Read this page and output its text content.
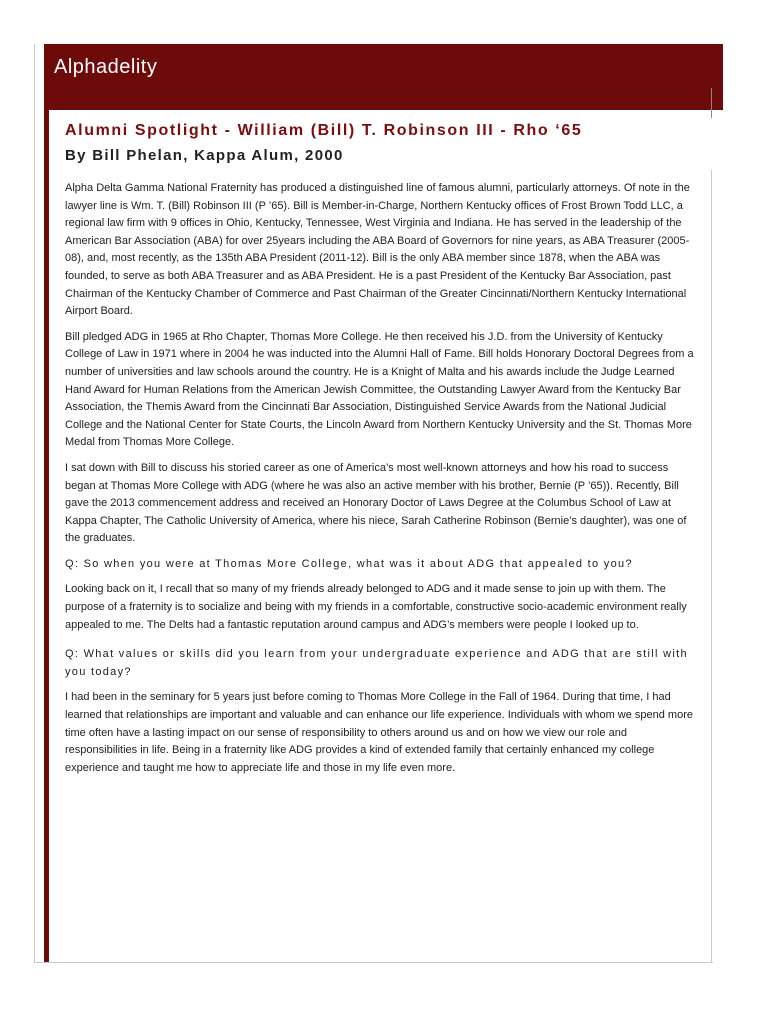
Alphadelity
Alumni Spotlight - William (Bill) T. Robinson III - Rho ‘65
By Bill Phelan, Kappa Alum, 2000

Alpha Delta Gamma National Fraternity has produced a distinguished line of famous alumni, particularly attorneys. Of note in the lawyer line is Wm. T. (Bill) Robinson III (P ’65). Bill is Member-in-Charge, Northern Kentucky offices of Frost Brown Todd LLC, a regional law firm with 9 offices in Ohio, Kentucky, Tennessee, West Virginia and Indiana. He has served in the leadership of the American Bar Association (ABA) for over 25years including the ABA Board of Governors for nine years, as ABA Treasurer (2005-08), and, most recently, as the 135th ABA President (2011-12). Bill is the only ABA member since 1878, when the ABA was founded, to serve as both ABA Treasurer and as ABA President. He is a past President of the Kentucky Bar Association, past Chairman of the Kentucky Chamber of Commerce and Past Chairman of the Greater Cincinnati/Northern Kentucky International Airport Board.

Bill pledged ADG in 1965 at Rho Chapter, Thomas More College. He then received his J.D. from the University of Kentucky College of Law in 1971 where in 2004 he was inducted into the Alumni Hall of Fame. Bill holds Honorary Doctoral Degrees from a number of universities and law schools around the country. He is a Knight of Malta and his awards include the Judge Learned Hand Award for Human Relations from the American Jewish Committee, the Outstanding Lawyer Award from the Kentucky Bar Association, the Themis Award from the Cincinnati Bar Association, Distinguished Service Awards from the National Judicial College and the National Center for State Courts, the Lincoln Award from Northern Kentucky University and the St. Thomas More Medal from Thomas More College.

I sat down with Bill to discuss his storied career as one of America’s most well-known attorneys and how his road to success began at Thomas More College with ADG (where he was also an active member with his brother, Bernie (P ’65)). Recently, Bill gave the 2013 commencement address and received an Honorary Doctor of Laws Degree at the Columbus School of Law at Kappa Chapter, The Catholic University of America, where his niece, Sarah Catherine Robinson (Bernie’s daughter), was one of the graduates.

Q: So when you were at Thomas More College, what was it about ADG that appealed to you?

Looking back on it, I recall that so many of my friends already belonged to ADG and it made sense to join up with them. The purpose of a fraternity is to socialize and being with my friends in a comfortable, constructive socio-academic environment really appealed to me. The Delts had a fantastic reputation around campus and ADG’s members were people I looked up to.

Q: What values or skills did you learn from your undergraduate experience and ADG that are still with you today?

I had been in the seminary for 5 years just before coming to Thomas More College in the Fall of 1964. During that time, I had learned that relationships are important and valuable and can enhance our life experience. Individuals with whom we spend more time often have a lasting impact on our sense of responsibility to others around us and on how we view our role and responsibilities in life. Being in a fraternity like ADG provides a kind of extended family that certainly enhanced my college experience and taught me how to appreciate life and those in my life even more.
